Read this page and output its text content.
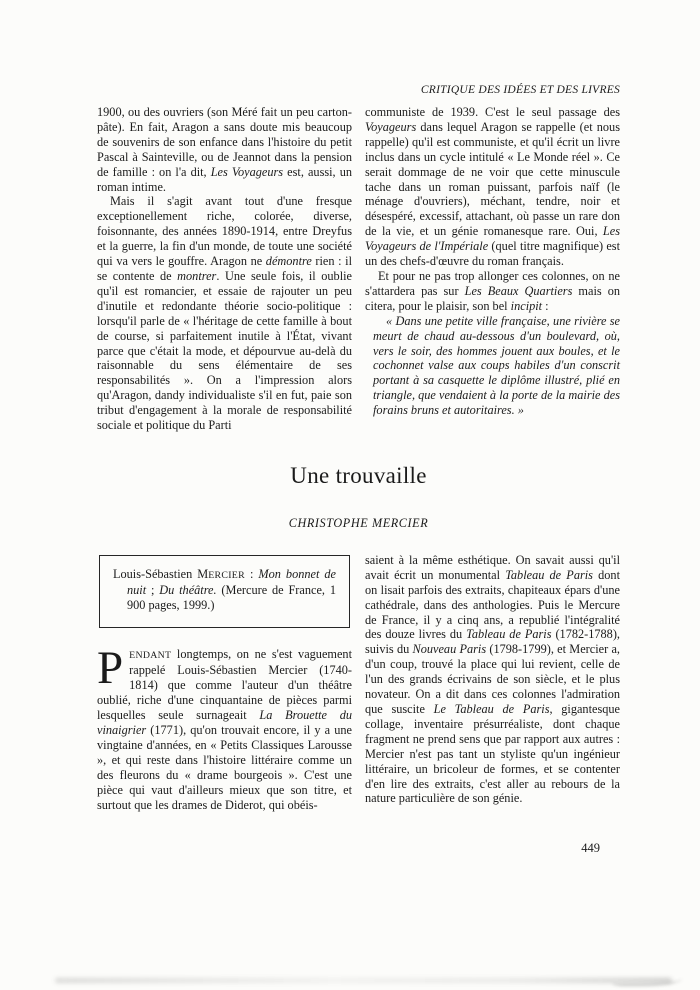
CRITIQUE DES IDÉES ET DES LIVRES

1900, ou des ouvriers (son Méré fait un peu carton-pâte). En fait, Aragon a sans doute mis beaucoup de souvenirs de son enfance dans l'histoire du petit Pascal à Sainteville, ou de Jeannot dans la pension de famille : on l'a dit, Les Voyageurs est, aussi, un roman intime.

Mais il s'agit avant tout d'une fresque exceptionellement riche, colorée, diverse, foisonnante, des années 1890-1914, entre Dreyfus et la guerre, la fin d'un monde, de toute une société qui va vers le gouffre. Aragon ne démontre rien : il se contente de montrer. Une seule fois, il oublie qu'il est romancier, et essaie de rajouter un peu d'inutile et redondante théorie socio-politique : lorsqu'il parle de « l'héritage de cette famille à bout de course, si parfaitement inutile à l'État, vivant parce que c'était la mode, et dépourvue au-delà du raisonnable du sens élémentaire de ses responsabilités ». On a l'impression alors qu'Aragon, dandy individualiste s'il en fut, paie son tribut d'engagement à la morale de responsabilité sociale et politique du Parti

communiste de 1939. C'est le seul passage des Voyageurs dans lequel Aragon se rappelle (et nous rappelle) qu'il est communiste, et qu'il écrit un livre inclus dans un cycle intitulé « Le Monde réel ». Ce serait dommage de ne voir que cette minuscule tache dans un roman puissant, parfois naïf (le ménage d'ouvriers), méchant, tendre, noir et désespéré, excessif, attachant, où passe un rare don de la vie, et un génie romanesque rare. Oui, Les Voyageurs de l'Impériale (quel titre magnifique) est un des chefs-d'œuvre du roman français.

Et pour ne pas trop allonger ces colonnes, on ne s'attardera pas sur Les Beaux Quartiers mais on citera, pour le plaisir, son bel incipit :

« Dans une petite ville française, une rivière se meurt de chaud au-dessous d'un boulevard, où, vers le soir, des hommes jouent aux boules, et le cochonnet valse aux coups habiles d'un conscrit portant à sa casquette le diplôme illustré, plié en triangle, que vendaient à la porte de la mairie des forains bruns et autoritaires. »

Une trouvaille
CHRISTOPHE MERCIER

Louis-Sébastien MERCIER : Mon bonnet de nuit ; Du théâtre. (Mercure de France, 1 900 pages, 1999.)

PENDANT longtemps, on ne s'est vaguement rappelé Louis-Sébastien Mercier (1740-1814) que comme l'auteur d'un théâtre oublié, riche d'une cinquantaine de pièces parmi lesquelles seule surnageait La Brouette du vinaigrier (1771), qu'on trouvait encore, il y a une vingtaine d'années, en « Petits Classiques Larousse », et qui reste dans l'histoire littéraire comme un des fleurons du « drame bourgeois ». C'est une pièce qui vaut d'ailleurs mieux que son titre, et surtout que les drames de Diderot, qui obéis-

saient à la même esthétique. On savait aussi qu'il avait écrit un monumental Tableau de Paris dont on lisait parfois des extraits, chapiteaux épars d'une cathédrale, dans des anthologies. Puis le Mercure de France, il y a cinq ans, a republié l'intégralité des douze livres du Tableau de Paris (1782-1788), suivis du Nouveau Paris (1798-1799), et Mercier a, d'un coup, trouvé la place qui lui revient, celle de l'un des grands écrivains de son siècle, et le plus novateur. On a dit dans ces colonnes l'admiration que suscite Le Tableau de Paris, gigantesque collage, inventaire présurréaliste, dont chaque fragment ne prend sens que par rapport aux autres : Mercier n'est pas tant un styliste qu'un ingénieur littéraire, un bricoleur de formes, et se contenter d'en lire des extraits, c'est aller au rebours de la nature particulière de son génie.

449
